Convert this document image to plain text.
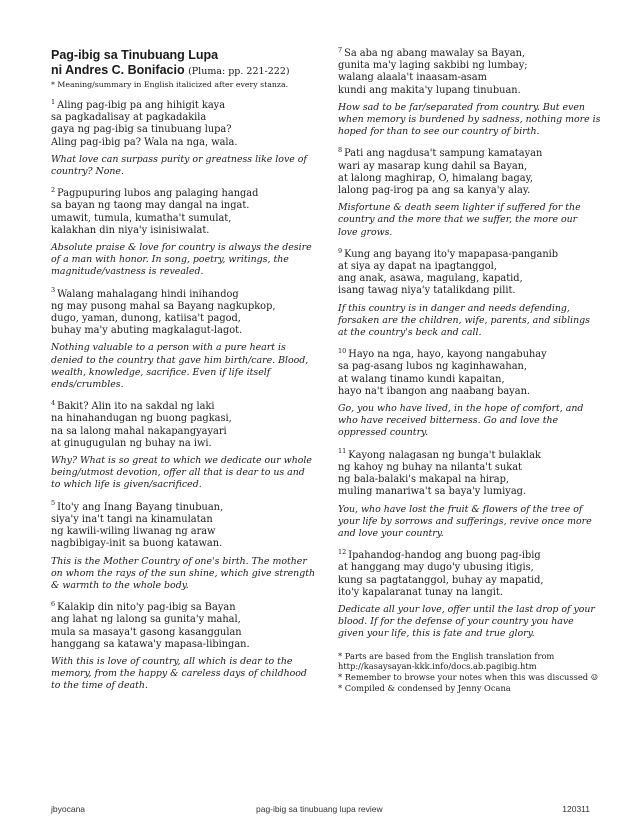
Pag-ibig sa Tinubuang Lupa
ni Andres C. Bonifacio (Pluma: pp. 221-222)
* Meaning/summary in English italicized after every stanza.
$^1$ Aling pag-ibig pa ang hihigit kaya
sa pagkadalisay at pagkadakila
gaya ng pag-ibig sa tinubuang lupa?
Aling pag-ibig pa? Wala na nga, wala.
What love can surpass purity or greatness like love of
country? None.
$^2$ Pagpupuring lubos ang palaging hangad
sa bayan ng taong may dangal na ingat.
umawit, tumula, kumatha't sumulat,
kalakhan din niya'y isinisiwalat.
Absolute praise & love for country is always the desire
of a man with honor. In song, poetry, writings, the
magnitude/vastness is revealed.
$^3$ Walang mahalagang hindi inihandog
ng may pusong mahal sa Bayang nagkupkop,
dugo, yaman, dunong, katiisa't pagod,
buhay ma'y abuting magkalagut-lagot.
Nothing valuable to a person with a pure heart is
denied to the country that gave him birth/care. Blood,
wealth, knowledge, sacrifice. Even if life itself
ends/crumbles.
$^4$ Bakit? Alin ito na sakdal ng laki
na hinahandugan ng buong pagkasi,
na sa lalong mahal nakapangyayari
at ginugugulan ng buhay na iwi.
Why? What is so great to which we dedicate our whole
being/utmost devotion, offer all that is dear to us and
to which life is given/sacrificed.
$^5$ Ito'y ang Inang Bayang tinubuan,
siya'y ina't tangi na kinamulatan
ng kawili-wiling liwanag ng araw
nagbibigay-init sa buong katawan.
This is the Mother Country of one's birth. The mother
on whom the rays of the sun shine, which give strength
& warmth to the whole body.
$^6$ Kalakip din nito'y pag-ibig sa Bayan
ang lahat ng lalong sa gunita'y mahal,
mula sa masaya't gasong kasanggulan
hanggang sa katawa'y mapasa-libingan.
With this is love of country, all which is dear to the
memory, from the happy & careless days of childhood
to the time of death.
$^7$ Sa aba ng abang mawalay sa Bayan,
gunita ma'y laging sakbibi ng lumbay;
walang alaala't inaasam-asam
kundi ang makita'y lupang tinubuan.
How sad to be far/separated from country. But even
when memory is burdened by sadness, nothing more is
hoped for than to see our country of birth.
$^8$ Pati ang nagdusa't sampung kamatayan
wari ay masarap kung dahil sa Bayan,
at lalong maghirap, O, himalang bagay,
lalong pag-irog pa ang sa kanya'y alay.
Misfortune & death seem lighter if suffered for the
country and the more that we suffer, the more our
love grows.
$^9$ Kung ang bayang ito'y mapapasa-panganib
at siya ay dapat na ipagtanggol,
ang anak, asawa, magulang, kapatid,
isang tawag niya'y tatalikdang pilit.
If this country is in danger and needs defending,
forsaken are the children, wife, parents, and siblings
at the country's beck and call.
$^{10}$ Hayo na nga, hayo, kayong nangabuhay
sa pag-asang lubos ng kaginhawahan,
at walang tinamo kundi kapaitan,
hayo na't ibangon ang naabang bayan.
Go, you who have lived, in the hope of comfort, and
who have received bitterness. Go and love the
oppressed country.
$^{11}$ Kayong nalagasan ng bunga't bulaklak
ng kahoy ng buhay na nilanta't sukat
ng bala-balaki's makapal na hirap,
muling manariwa't sa baya'y lumiyag.
You, who have lost the fruit & flowers of the tree of
your life by sorrows and sufferings, revive once more
and love your country.
$^{12}$ Ipahandog-handog ang buong pag-ibig
at hanggang may dugo'y ubusing itigis,
kung sa pagtatanggol, buhay ay mapatid,
ito'y kapalaranat tunay na langit.
Dedicate all your love, offer until the last drop of your
blood. If for the defense of your country you have
given your life, this is fate and true glory.
* Parts are based from the English translation from
http://kasaysayan-kkk.info/docs.ab.pagibig.htm
* Remember to browse your notes when this was discussed ☺
* Compiled & condensed by Jenny Ocana
jbyocana	pag-ibig sa tinubuang lupa review	120311
